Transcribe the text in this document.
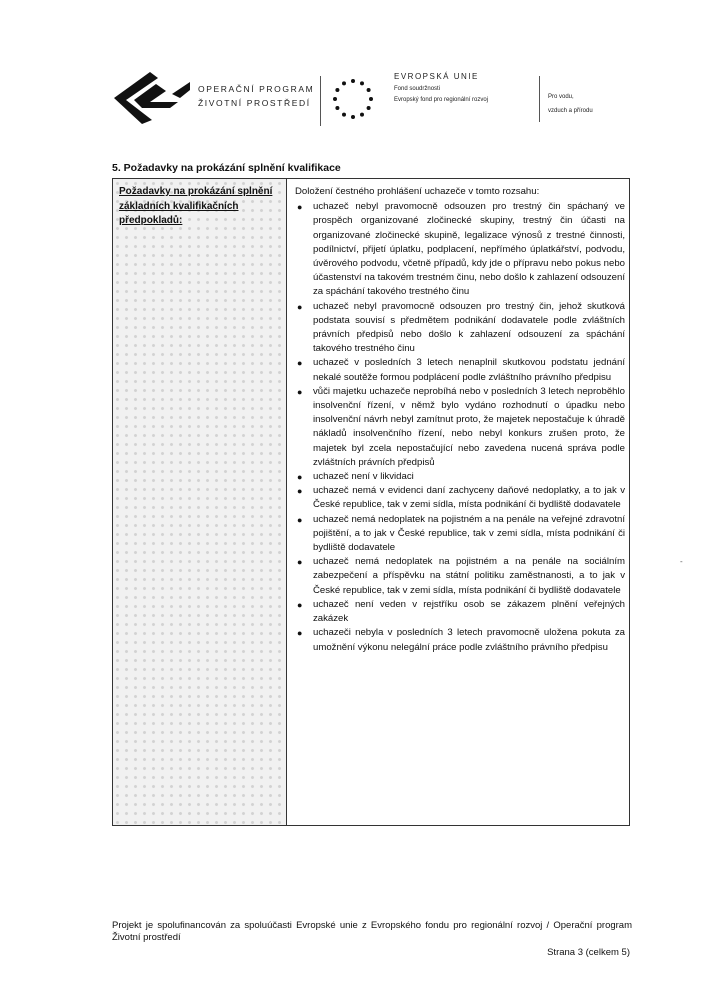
OPERAČNÍ PROGRAM
ŽIVOTNÍ PROSTŘEDÍ
EVROPSKÁ UNIE
Fond soudržnosti
Evropský fond pro regionální rozvoj	Pro vodu,
vzduch a přírodu
5. Požadavky na prokázání splnění kvalifikace
Požadavky na prokázání splnění základních kvalifikačních předpokladů:
Doložení čestného prohlášení uchazeče v tomto rozsahu:
● uchazeč nebyl pravomocně odsouzen pro trestný čin spáchaný ve prospěch organizované zločinecké skupiny, trestný čin účasti na organizované zločinecké skupině, legalizace výnosů z trestné činnosti, podílnictví, přijetí úplatku, podplacení, nepřímého úplatkářství, podvodu, úvěrového podvodu, včetně případů, kdy jde o přípravu nebo pokus nebo účastenství na takovém trestném činu, nebo došlo k zahlazení odsouzení za spáchání takového trestného činu
● uchazeč nebyl pravomocně odsouzen pro trestný čin, jehož skutková podstata souvisí s předmětem podnikání dodavatele podle zvláštních právních předpisů nebo došlo k zahlazení odsouzení za spáchání takového trestného činu
● uchazeč v posledních 3 letech nenaplnil skutkovou podstatu jednání nekalé soutěže formou podplácení podle zvláštního právního předpisu
● vůči majetku uchazeče neprobíhá nebo v posledních 3 letech neproběhlo insolvenční řízení, v němž bylo vydáno rozhodnutí o úpadku nebo insolvenční návrh nebyl zamítnut proto, že majetek nepostačuje k úhradě nákladů insolvenčního řízení, nebo nebyl konkurs zrušen proto, že majetek byl zcela nepostačující nebo zavedena nucená správa podle zvláštních právních předpisů
● uchazeč není v likvidaci
● uchazeč nemá v evidenci daní zachyceny daňové nedoplatky, a to jak v České republice, tak v zemi sídla, místa podnikání či bydliště dodavatele
● uchazeč nemá nedoplatek na pojistném a na penále na veřejné zdravotní pojištění, a to jak v České republice, tak v zemi sídla, místa podnikání či bydliště dodavatele
● uchazeč nemá nedoplatek na pojistném a na penále na sociálním zabezpečení a příspěvku na státní politiku zaměstnanosti, a to jak v České republice, tak v zemi sídla, místa podnikání či bydliště dodavatele
● uchazeč není veden v rejstříku osob se zákazem plnění veřejných zakázek
● uchazeči nebyla v posledních 3 letech pravomocně uložena pokuta za umožnění výkonu nelegální práce podle zvláštního právního předpisu
-
Projekt je spolufinancován za spoluúčasti Evropské unie z Evropského fondu pro regionální rozvoj / Operační program Životní prostředí
Strana 3 (celkem 5)
